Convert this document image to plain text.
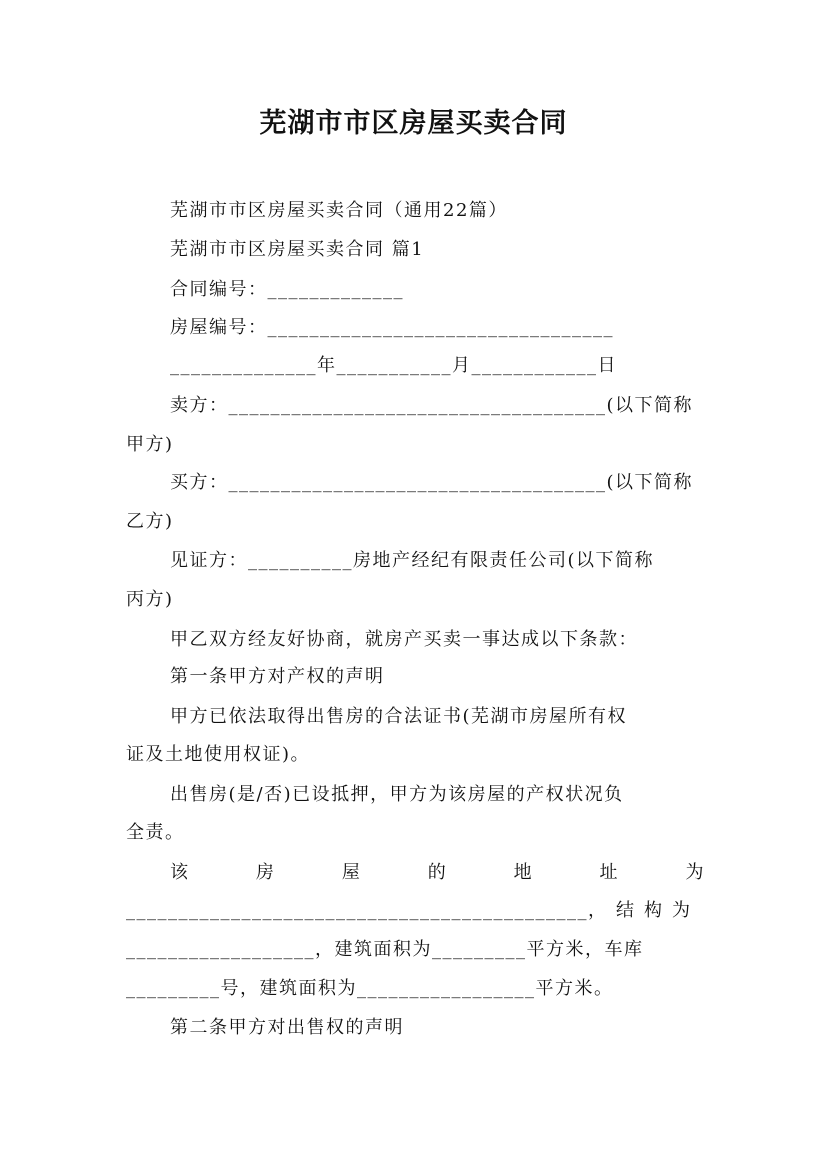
芜湖市市区房屋买卖合同
芜湖市市区房屋买卖合同（通用22篇）
芜湖市市区房屋买卖合同 篇1
合同编号：_____________
房屋编号：_________________________________
______________年___________月____________日
卖方：____________________________________(以下简称
甲方)
买方：____________________________________(以下简称
乙方)
见证方：__________房地产经纪有限责任公司(以下简称
丙方)
甲乙双方经友好协商，就房产买卖一事达成以下条款：
第一条甲方对产权的声明
甲方已依法取得出售房的合法证书(芜湖市房屋所有权
证及土地使用权证)。
出售房(是/否)已设抵押，甲方为该房屋的产权状况负
全责。
该	房	屋	的	地	址	为
____________________________________________，结构为
__________________，建筑面积为_________平方米，车库
_________号，建筑面积为_________________平方米。
第二条甲方对出售权的声明
